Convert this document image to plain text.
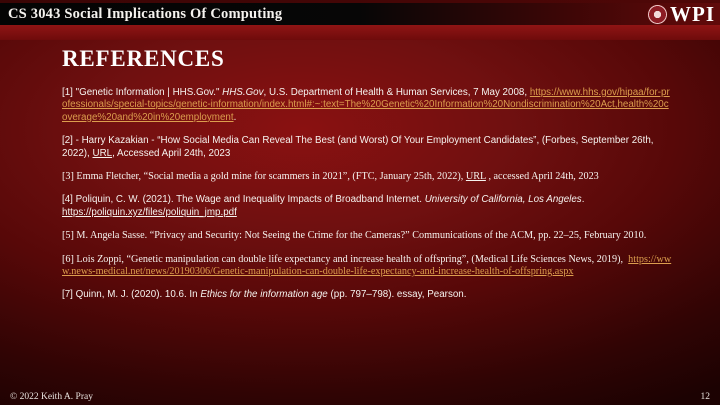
CS 3043 Social Implications Of Computing	WPI
REFERENCES

[1] "Genetic Information | HHS.Gov." HHS.Gov, U.S. Department of Health & Human Services, 7 May 2008, https://www.hhs.gov/hipaa/for-professionals/special-topics/genetic-information/index.html#:~:text=The%20Genetic%20Information%20Nondiscrimination%20Act,health%20coverage%20and%20in%20employment.

[2] - Harry Kazakian - “How Social Media Can Reveal The Best (and Worst) Of Your Employment Candidates”, (Forbes, September 26th, 2022), URL, Accessed April 24th, 2023

[3] Emma Fletcher, “Social media a gold mine for scammers in 2021”, (FTC, January 25th, 2022), URL , accessed April 24th, 2023

[4] Poliquin, C. W. (2021). The Wage and Inequality Impacts of Broadband Internet. University of California, Los Angeles. https://poliquin.xyz/files/poliquin_jmp.pdf

[5] M. Angela Sasse. “Privacy and Security: Not Seeing the Crime for the Cameras?” Communications of the ACM, pp. 22–25, February 2010.

[6] Lois Zoppi, “Genetic manipulation can double life expectancy and increase health of offspring”, (Medical Life Sciences News, 2019),  https://www.news-medical.net/news/20190306/Genetic-manipulation-can-double-life-expectancy-and-increase-health-of-offspring.aspx

[7] Quinn, M. J. (2020). 10.6. In Ethics for the information age (pp. 797–798). essay, Pearson.

© 2022 Keith A. Pray	12
